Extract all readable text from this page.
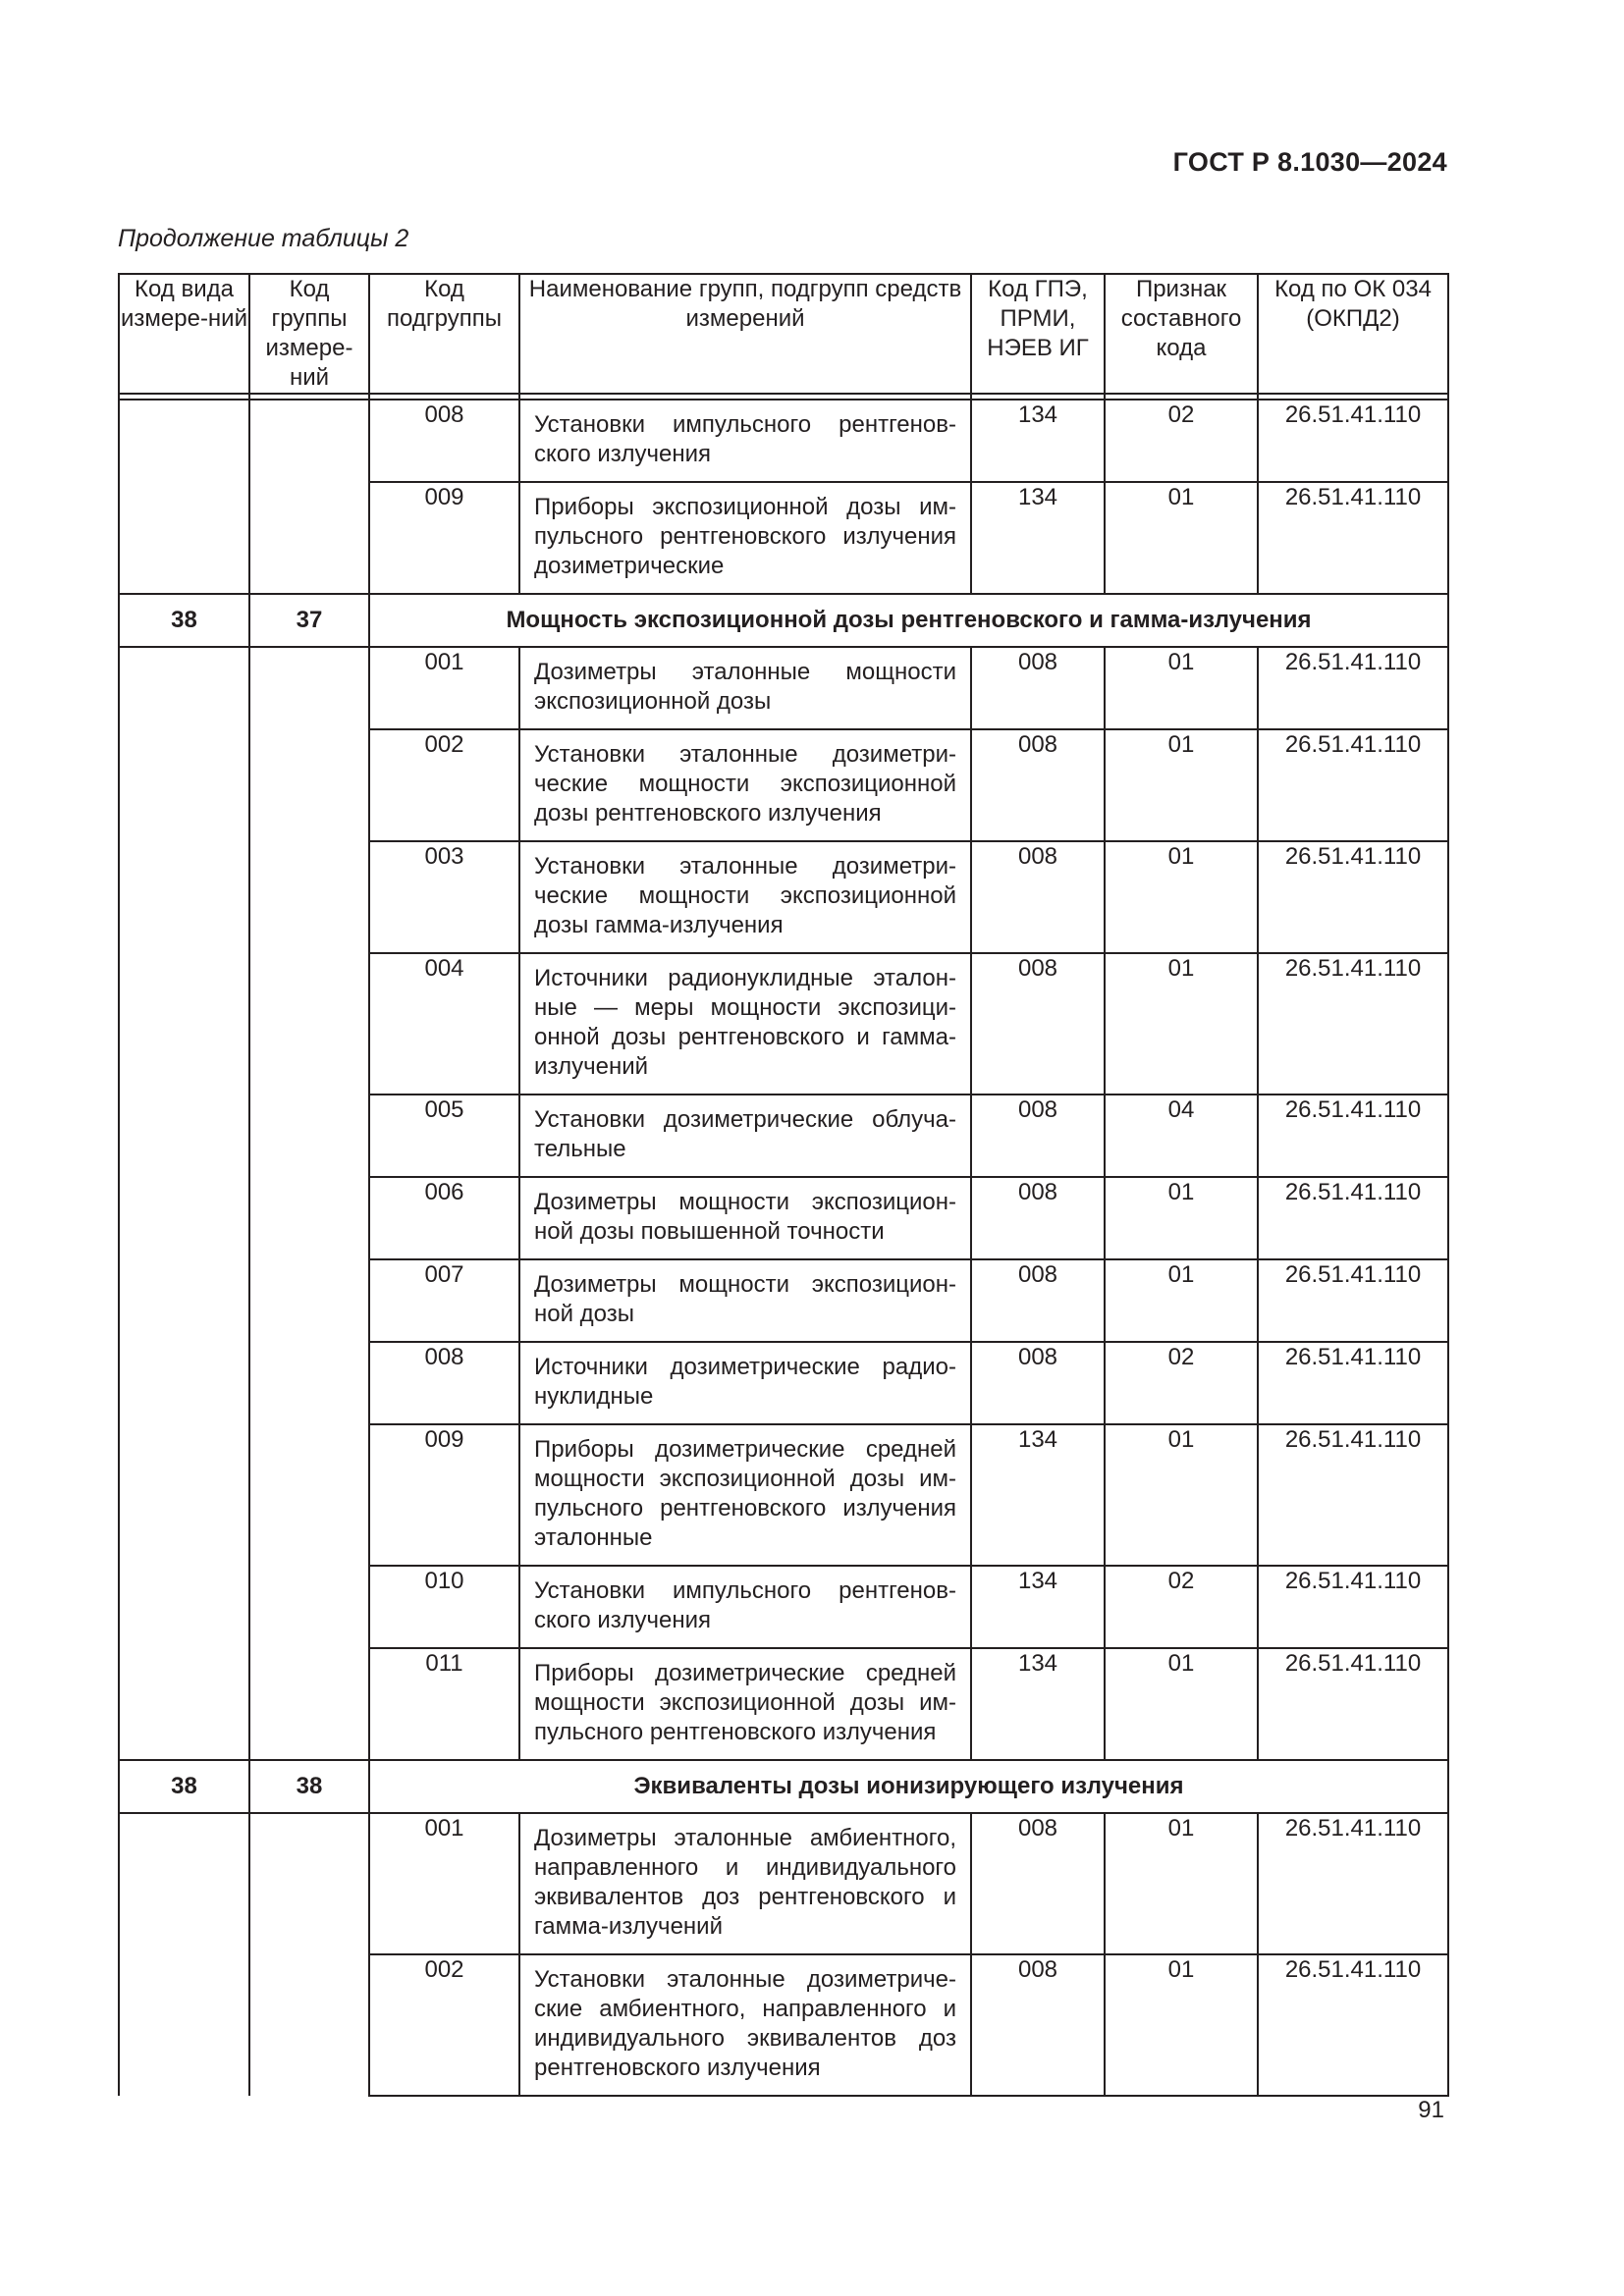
ГОСТ Р 8.1030—2024
Продолжение таблицы 2
Код вида измере-ний	Код группы измере-ний	Код подгруппы	Наименование групп, подгрупп средств измерений	Код ГПЭ, ПРМИ, НЭЕВ ИГ	Признак составного кода	Код по ОК 034 (ОКПД2)

		008	Установки импульсного рентгенов-ского излучения	134	02	26.51.41.110
		009	Приборы экспозиционной дозы им-пульсного рентгеновского излучения дозиметрические	134	01	26.51.41.110
38	37	Мощность экспозиционной дозы рентгеновского и гамма-излучения				
		001	Дозиметры эталонные мощности экспозиционной дозы	008	01	26.51.41.110
		002	Установки эталонные дозиметри-ческие мощности экспозиционной дозы рентгеновского излучения	008	01	26.51.41.110
		003	Установки эталонные дозиметри-ческие мощности экспозиционной дозы гамма-излучения	008	01	26.51.41.110
		004	Источники радионуклидные эталон-ные — меры мощности экспозици-онной дозы рентгеновского и гамма-излучений	008	01	26.51.41.110
		005	Установки дозиметрические облуча-тельные	008	04	26.51.41.110
		006	Дозиметры мощности экспозицион-ной дозы повышенной точности	008	01	26.51.41.110
		007	Дозиметры мощности экспозицион-ной дозы	008	01	26.51.41.110
		008	Источники дозиметрические радио-нуклидные	008	02	26.51.41.110
		009	Приборы дозиметрические средней мощности экспозиционной дозы им-пульсного рентгеновского излучения эталонные	134	01	26.51.41.110
		010	Установки импульсного рентгенов-ского излучения	134	02	26.51.41.110
		011	Приборы дозиметрические средней мощности экспозиционной дозы им-пульсного рентгеновского излучения	134	01	26.51.41.110
38	38	Эквиваленты дозы ионизирующего излучения				
		001	Дозиметры эталонные амбиентного, направленного и индивидуального эквивалентов доз рентгеновского и гамма-излучений	008	01	26.51.41.110
		002	Установки эталонные дозиметриче-ские амбиентного, направленного и индивидуального эквивалентов доз рентгеновского излучения	008	01	26.51.41.110
91
